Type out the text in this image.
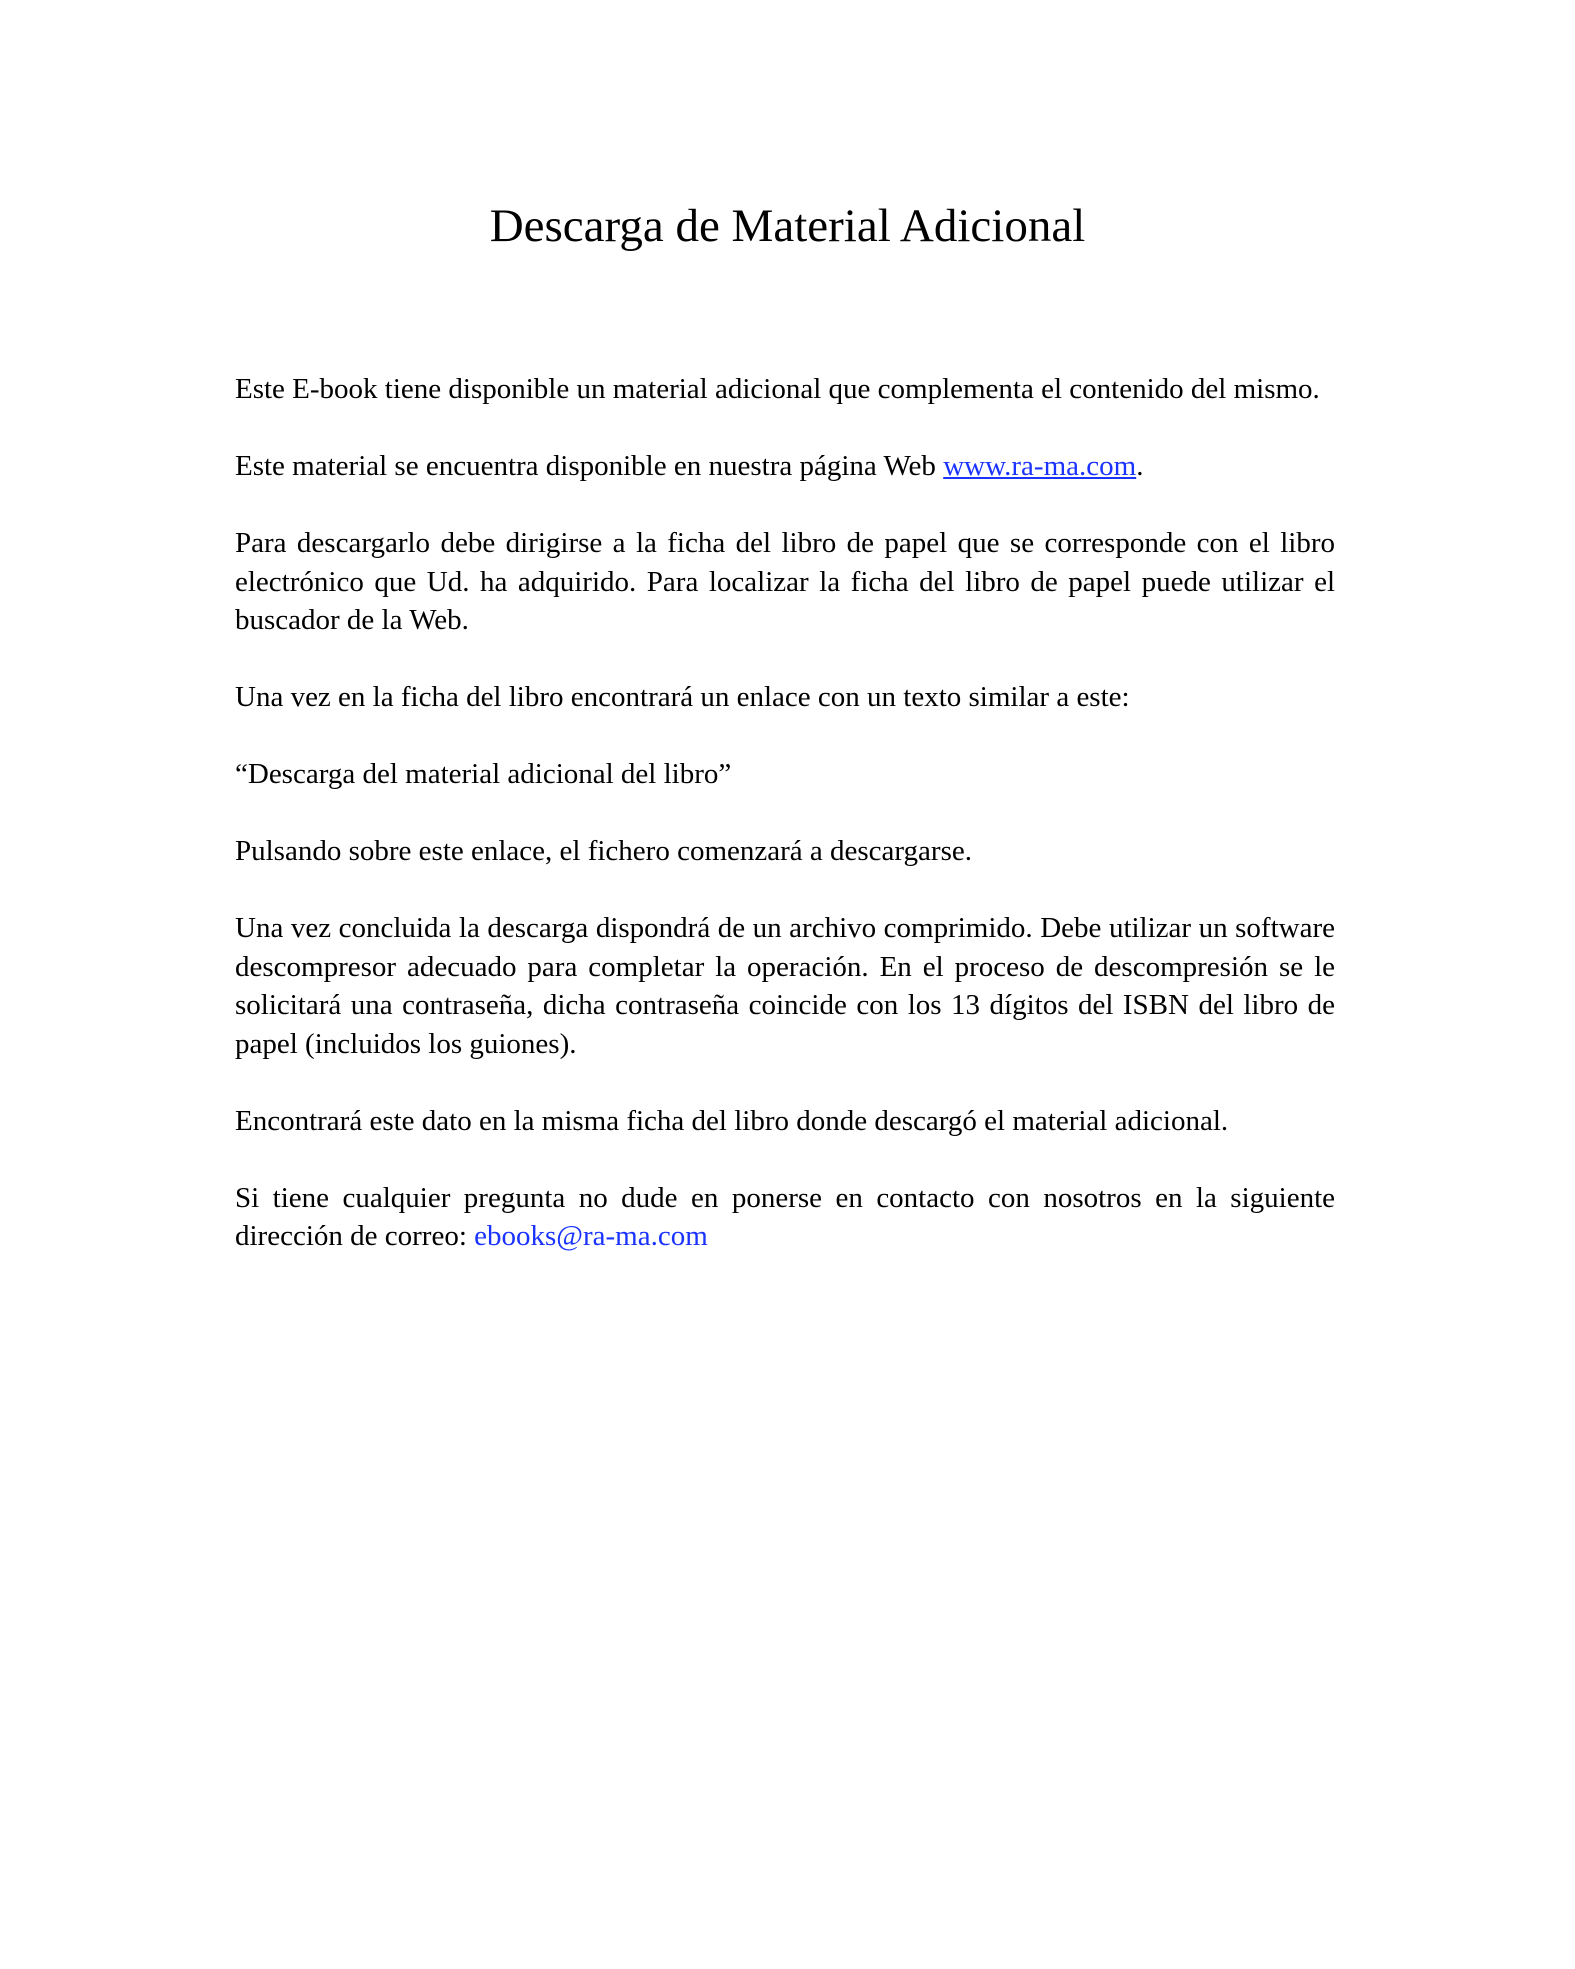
Descarga de Material Adicional

Este E-book tiene disponible un material adicional que complementa el contenido del mismo.

Este material se encuentra disponible en nuestra página Web www.ra-ma.com.

Para descargarlo debe dirigirse a la ficha del libro de papel que se corresponde con el libro electrónico que Ud. ha adquirido. Para localizar la ficha del libro de papel puede utilizar el buscador de la Web.

Una vez en la ficha del libro encontrará un enlace con un texto similar a este:

“Descarga del material adicional del libro”

Pulsando sobre este enlace, el fichero comenzará a descargarse.

Una vez concluida la descarga dispondrá de un archivo comprimido. Debe utilizar un software descompresor adecuado para completar la operación. En el proceso de descompresión se le solicitará una contraseña, dicha contraseña coincide con los 13 dígitos del ISBN del libro de papel (incluidos los guiones).

Encontrará este dato en la misma ficha del libro donde descargó el material adicional.

Si tiene cualquier pregunta no dude en ponerse en contacto con nosotros en la siguiente dirección de correo: ebooks@ra-ma.com
